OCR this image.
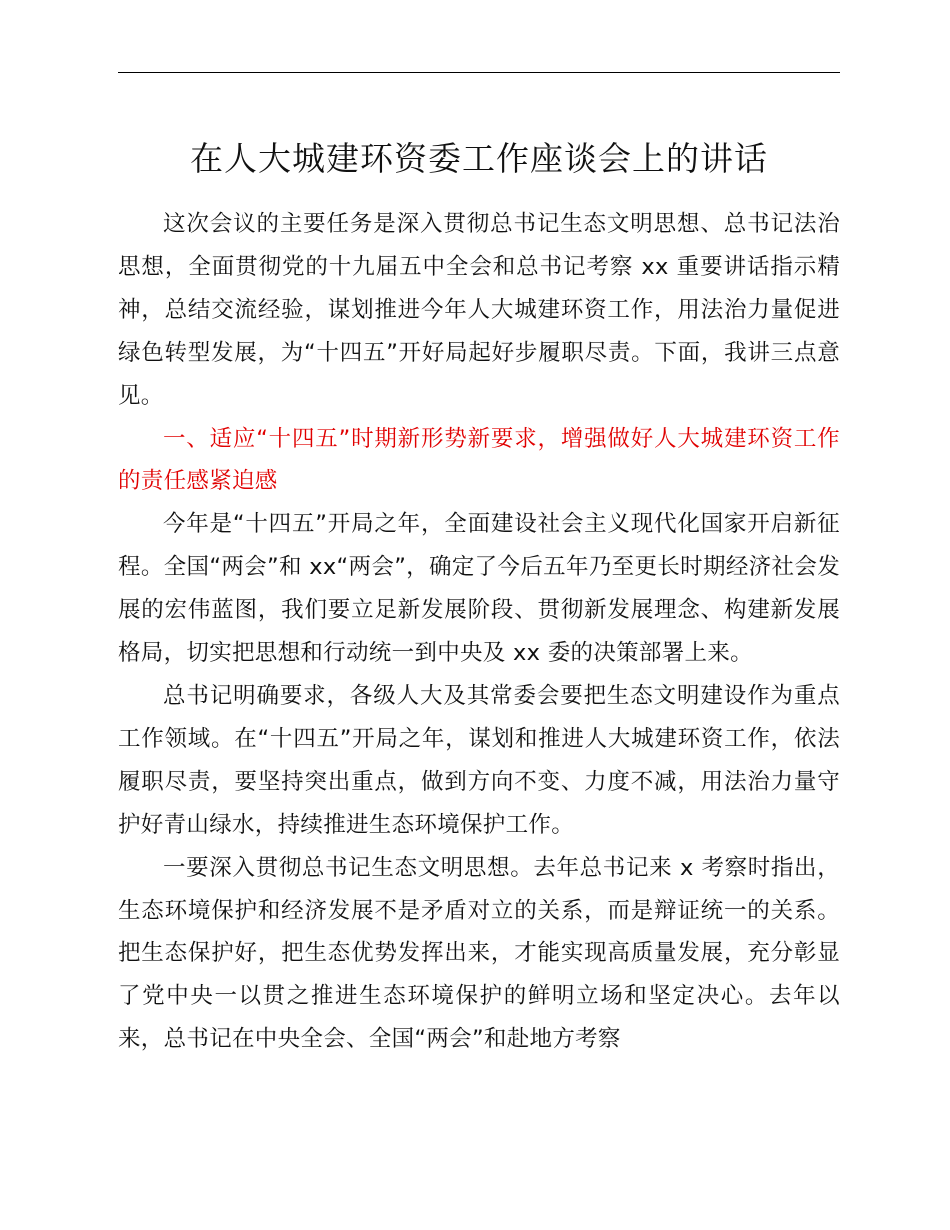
在人大城建环资委工作座谈会上的讲话

这次会议的主要任务是深入贯彻总书记生态文明思想、总书记法治思想，全面贯彻党的十九届五中全会和总书记考察 xx 重要讲话指示精神，总结交流经验，谋划推进今年人大城建环资工作，用法治力量促进绿色转型发展，为“十四五”开好局起好步履职尽责。下面，我讲三点意见。

一、适应“十四五”时期新形势新要求，增强做好人大城建环资工作的责任感紧迫感

今年是“十四五”开局之年，全面建设社会主义现代化国家开启新征程。全国“两会”和 xx“两会”，确定了今后五年乃至更长时期经济社会发展的宏伟蓝图，我们要立足新发展阶段、贯彻新发展理念、构建新发展格局，切实把思想和行动统一到中央及 xx 委的决策部署上来。

总书记明确要求，各级人大及其常委会要把生态文明建设作为重点工作领域。在“十四五”开局之年，谋划和推进人大城建环资工作，依法履职尽责，要坚持突出重点，做到方向不变、力度不减，用法治力量守护好青山绿水，持续推进生态环境保护工作。

一要深入贯彻总书记生态文明思想。去年总书记来 x 考察时指出，生态环境保护和经济发展不是矛盾对立的关系，而是辩证统一的关系。把生态保护好，把生态优势发挥出来，才能实现高质量发展，充分彰显了党中央一以贯之推进生态环境保护的鲜明立场和坚定决心。去年以来，总书记在中央全会、全国“两会”和赴地方考察
